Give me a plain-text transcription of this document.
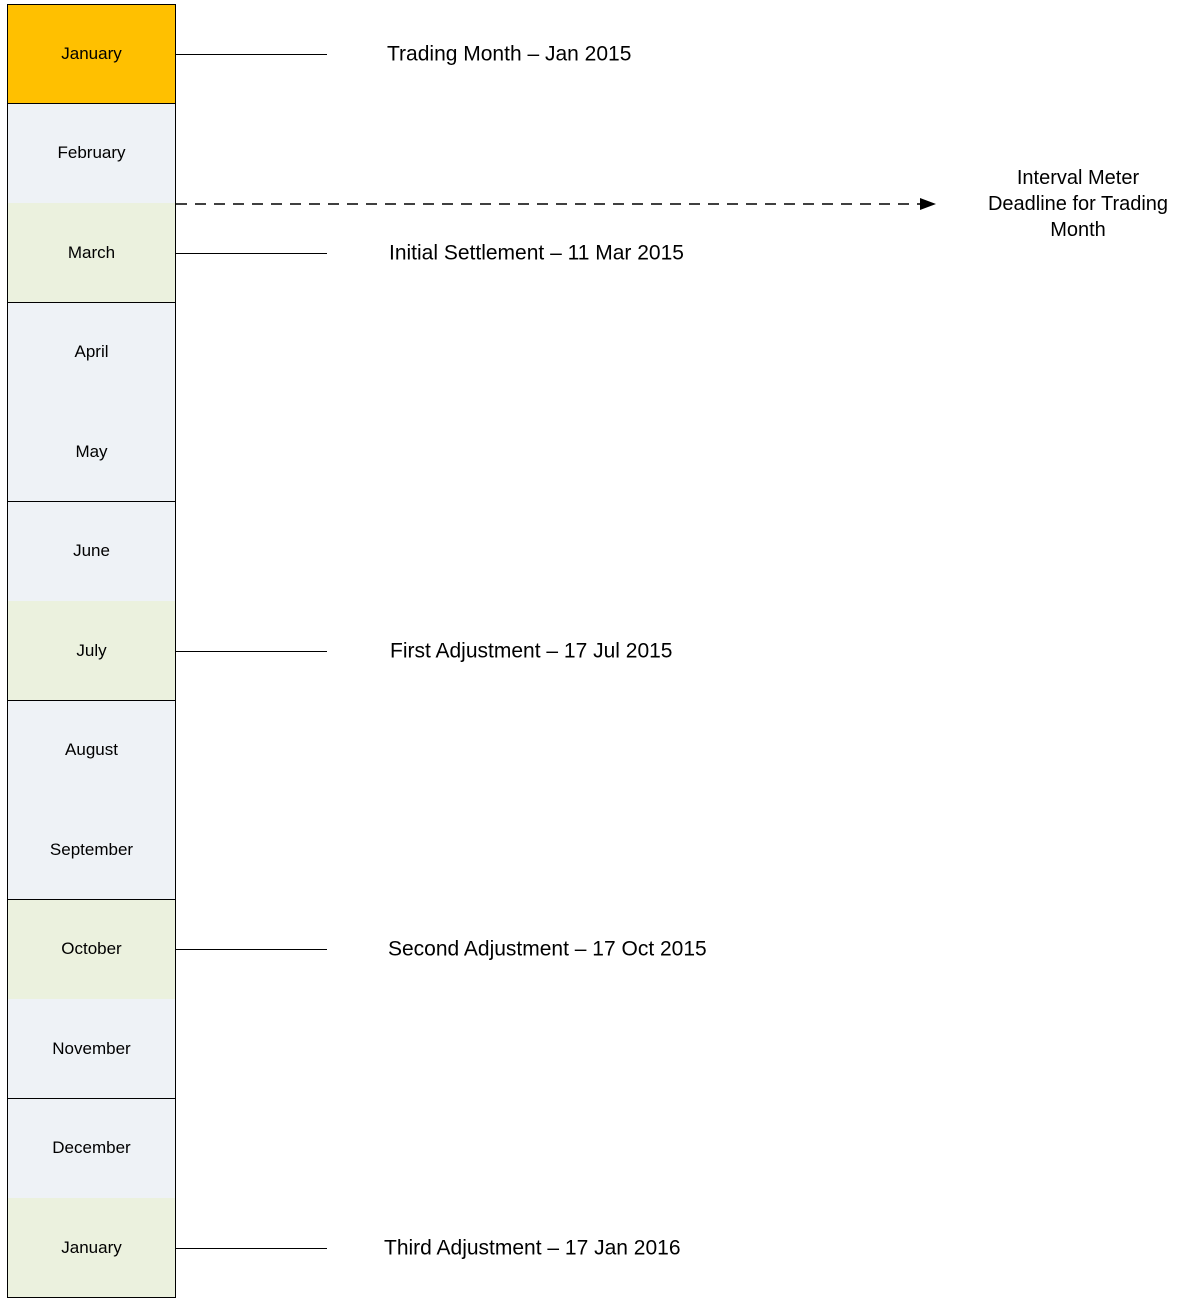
January
February
March
April
May
June
July
August
September
October
November
December
January
Interval Meter
Deadline for Trading
Month
Trading Month – Jan 2015
Initial Settlement – 11 Mar 2015
First Adjustment – 17 Jul 2015
Second Adjustment – 17 Oct 2015
Third Adjustment – 17 Jan 2016
